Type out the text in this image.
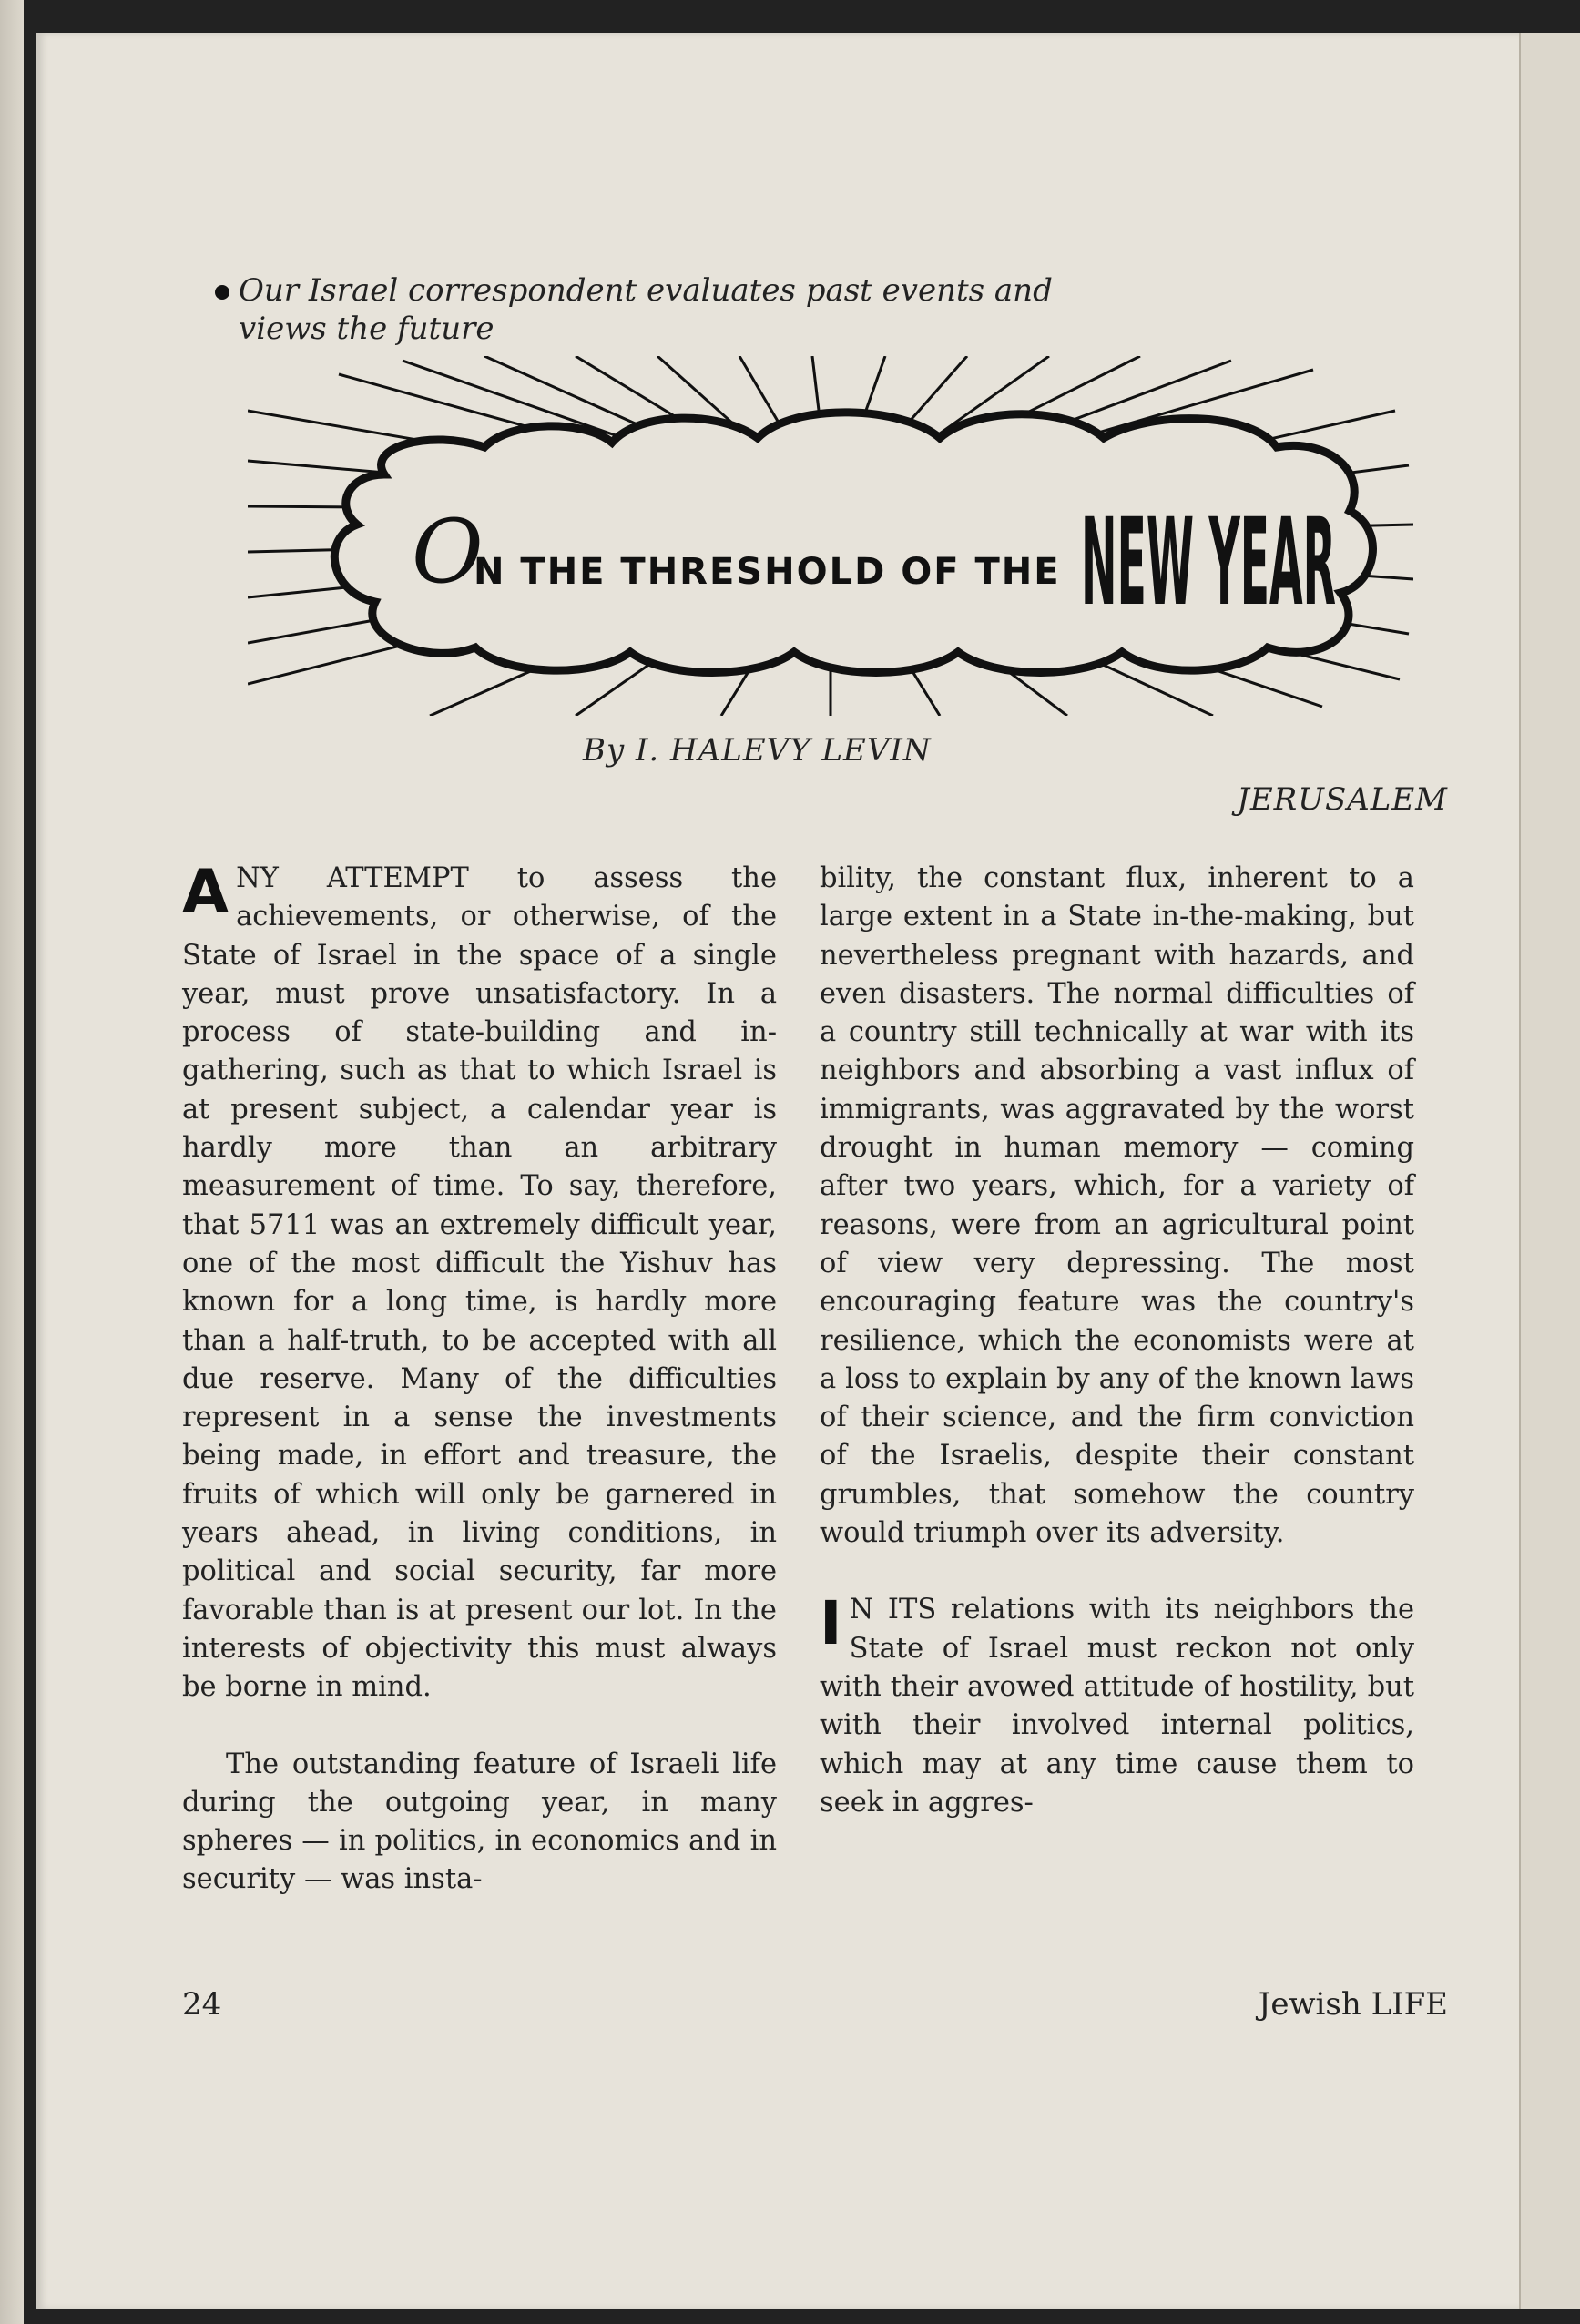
Our Israel correspondent evaluates past events and views the future
O
N THE THRESHOLD OF THE NEW YEAR
By I. HALEVY LEVIN
JERUSALEM

ANY ATTEMPT to assess the achievements, or otherwise, of the State of Israel in the space of a single year, must prove unsatisfactory. In a process of state-building and in-gathering, such as that to which Israel is at present subject, a calendar year is hardly more than an arbitrary measurement of time. To say, therefore, that 5711 was an extremely difficult year, one of the most difficult the Yishuv has known for a long time, is hardly more than a half-truth, to be accepted with all due reserve. Many of the difficulties represent in a sense the investments being made, in effort and treasure, the fruits of which will only be garnered in years ahead, in living conditions, in political and social security, far more favorable than is at present our lot. In the interests of objectivity this must always be borne in mind.

The outstanding feature of Israeli life during the outgoing year, in many spheres — in politics, in economics and in security — was insta-

bility, the constant flux, inherent to a large extent in a State in-the-making, but nevertheless pregnant with hazards, and even disasters. The normal difficulties of a country still technically at war with its neighbors and absorbing a vast influx of immigrants, was aggravated by the worst drought in human memory — coming after two years, which, for a variety of reasons, were from an agricultural point of view very depressing. The most encouraging feature was the country's resilience, which the economists were at a loss to explain by any of the known laws of their science, and the firm conviction of the Israelis, despite their constant grumbles, that somehow the country would triumph over its adversity.

I N ITS relations with its neighbors the State of Israel must reckon not only with their avowed attitude of hostility, but with their involved internal politics, which may at any time cause them to seek in aggres-

24	Jewish LIFE
